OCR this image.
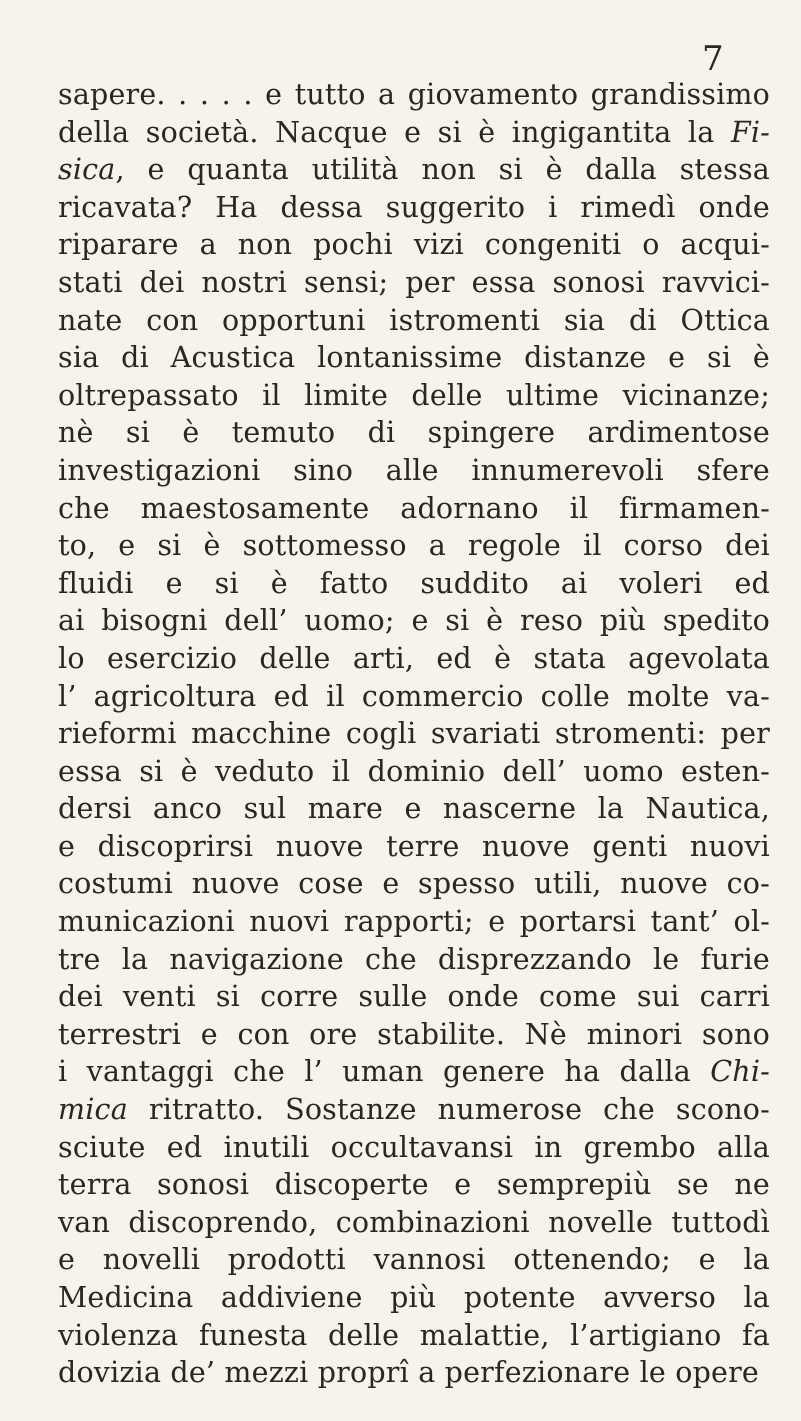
7
sapere. . . . . e tutto a giovamento grandissimo
della società. Nacque e si è ingigantita la Fi-
sica, e quanta utilità non si è dalla stessa
ricavata? Ha dessa suggerito i rimedì onde
riparare a non pochi vizi congeniti o acqui-
stati dei nostri sensi; per essa sonosi ravvici-
nate con opportuni istromenti sia di Ottica
sia di Acustica lontanissime distanze e si è
oltrepassato il limite delle ultime vicinanze;
nè si è temuto di spingere ardimentose
investigazioni sino alle innumerevoli sfere
che maestosamente adornano il firmamen-
to, e si è sottomesso a regole il corso dei
fluidi e si è fatto suddito ai voleri ed
ai bisogni dell’ uomo; e si è reso più spedito
lo esercizio delle arti, ed è stata agevolata
l’ agricoltura ed il commercio colle molte va-
rieformi macchine cogli svariati stromenti: per
essa si è veduto il dominio dell’ uomo esten-
dersi anco sul mare e nascerne la Nautica,
e discoprirsi nuove terre nuove genti nuovi
costumi nuove cose e spesso utili, nuove co-
municazioni nuovi rapporti; e portarsi tant’ ol-
tre la navigazione che disprezzando le furie
dei venti si corre sulle onde come sui carri
terrestri e con ore stabilite. Nè minori sono
i vantaggi che l’ uman genere ha dalla Chi-
mica ritratto. Sostanze numerose che scono-
sciute ed inutili occultavansi in grembo alla
terra sonosi discoperte e semprepiù se ne
van discoprendo, combinazioni novelle tuttodì
e novelli prodotti vannosi ottenendo; e la
Medicina addiviene più potente avverso la
violenza funesta delle malattie, l’artigiano fa
dovizia de’ mezzi proprî a perfezionare le opere
